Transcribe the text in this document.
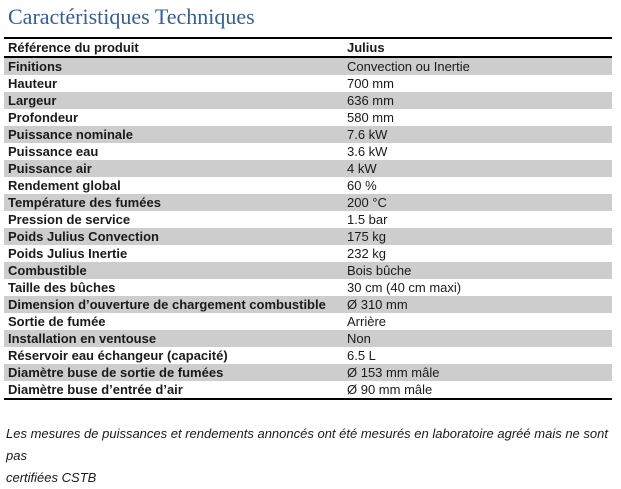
Caractéristiques Techniques
Référence du produit	Julius
Finitions	Convection ou Inertie
Hauteur	700 mm
Largeur	636 mm
Profondeur	580 mm
Puissance nominale	7.6 kW
Puissance eau	3.6 kW
Puissance air	4 kW
Rendement global	60 %
Température des fumées	200 °C
Pression de service	1.5 bar
Poids Julius Convection	175 kg
Poids Julius Inertie	232 kg
Combustible	Bois bûche
Taille des bûches	30 cm (40 cm maxi)
Dimension d’ouverture de chargement combustible	Ø 310 mm
Sortie de fumée	Arrière
Installation en ventouse	Non
Réservoir eau échangeur (capacité)	6.5 L
Diamètre buse de sortie de fumées	Ø 153 mm mâle
Diamètre buse d’entrée d’air	Ø 90 mm mâle
Les mesures de puissances et rendements annoncés ont été mesurés en laboratoire agréé mais ne sont pas
certifiées CSTB
